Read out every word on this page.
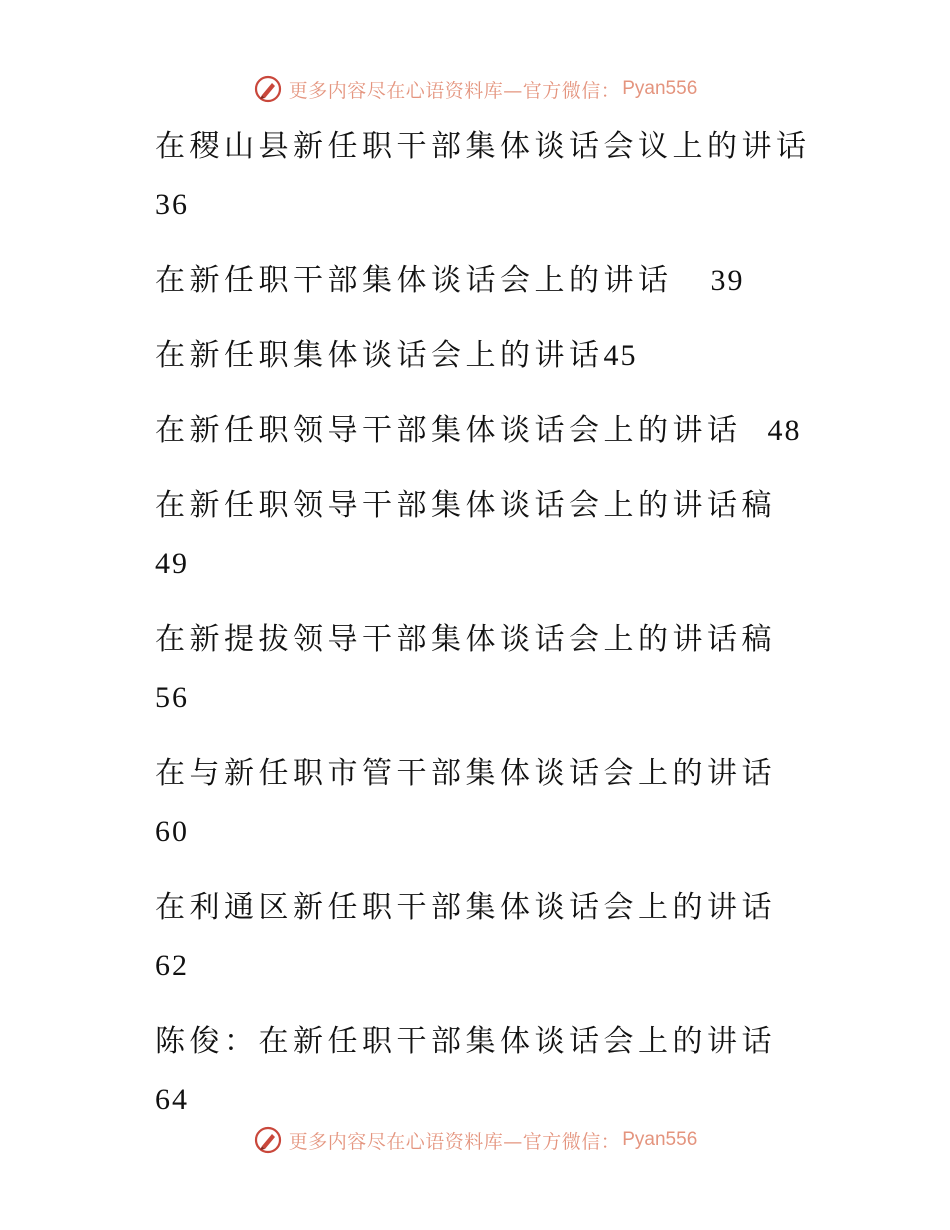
更多内容尽在心语资料库—官方微信： Pyan556
在稷山县新任职干部集体谈话会议上的讲话
36
在新任职干部集体谈话会上的讲话 39
在新任职集体谈话会上的讲话45
在新任职领导干部集体谈话会上的讲话 48
在新任职领导干部集体谈话会上的讲话稿
49
在新提拔领导干部集体谈话会上的讲话稿
56
在与新任职市管干部集体谈话会上的讲话
60
在利通区新任职干部集体谈话会上的讲话
62
陈俊：在新任职干部集体谈话会上的讲话
64
更多内容尽在心语资料库—官方微信： Pyan556
